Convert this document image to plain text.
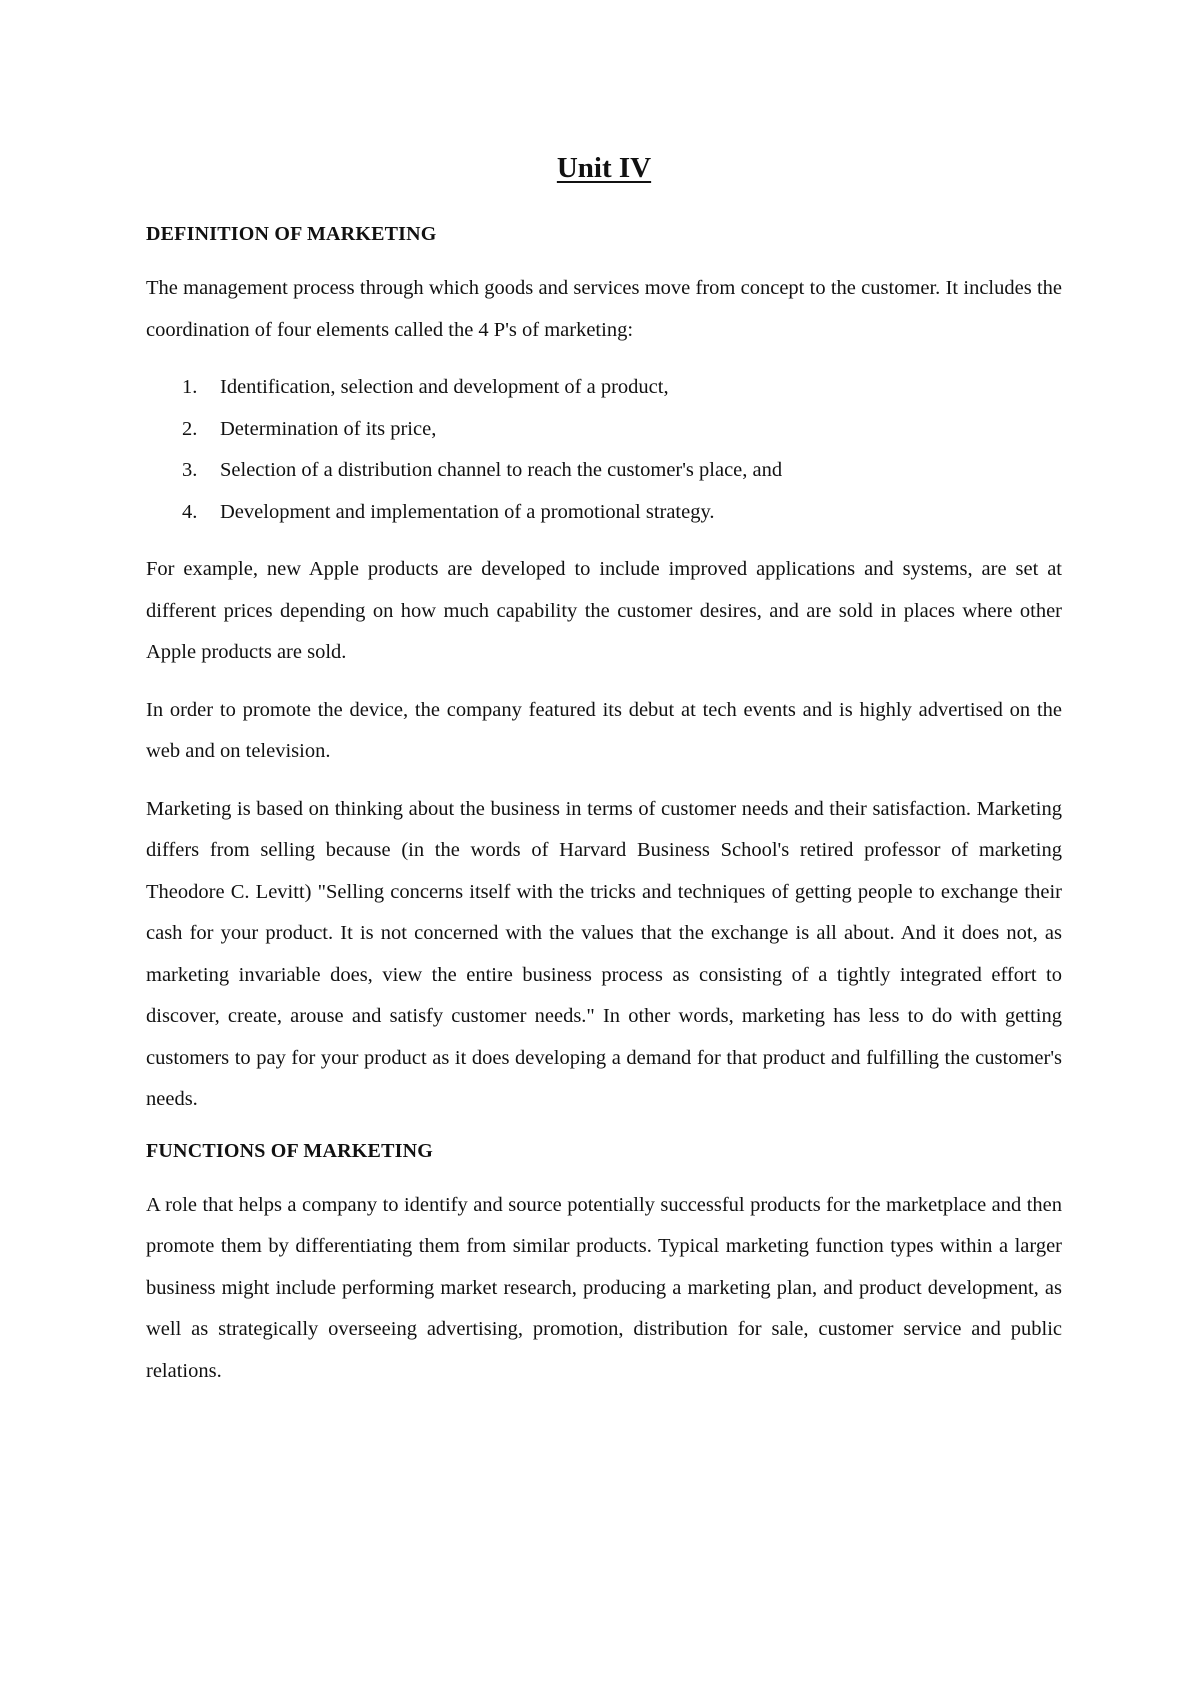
Unit IV
DEFINITION OF MARKETING

The management process through which goods and services move from concept to the customer. It includes the coordination of four elements called the 4 P's of marketing:

1.	Identification, selection and development of a product,
2.	Determination of its price,
3.	Selection of a distribution channel to reach the customer's place, and
4.	Development and implementation of a promotional strategy.

For example, new Apple products are developed to include improved applications and systems, are set at different prices depending on how much capability the customer desires, and are sold in places where other Apple products are sold.

In order to promote the device, the company featured its debut at tech events and is highly advertised on the web and on television.

Marketing is based on thinking about the business in terms of customer needs and their satisfaction. Marketing differs from selling because (in the words of Harvard Business School's retired professor of marketing Theodore C. Levitt) "Selling concerns itself with the tricks and techniques of getting people to exchange their cash for your product. It is not concerned with the values that the exchange is all about. And it does not, as marketing invariable does, view the entire business process as consisting of a tightly integrated effort to discover, create, arouse and satisfy customer needs." In other words, marketing has less to do with getting customers to pay for your product as it does developing a demand for that product and fulfilling the customer's needs.

FUNCTIONS OF MARKETING

A role that helps a company to identify and source potentially successful products for the marketplace and then promote them by differentiating them from similar products. Typical marketing function types within a larger business might include performing market research, producing a marketing plan, and product development, as well as strategically overseeing advertising, promotion, distribution for sale, customer service and public relations.
